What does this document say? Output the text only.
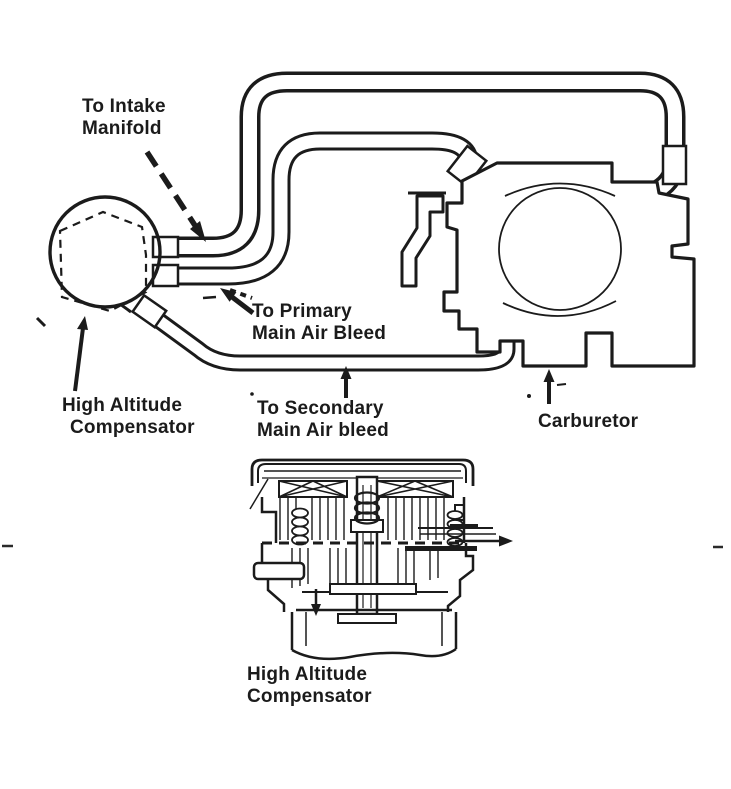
To Intake
Manifold
To Primary
Main Air Bleed
To Secondary
Main Air bleed
High Altitude
Compensator	Carburetor
High Altitude
Compensator
